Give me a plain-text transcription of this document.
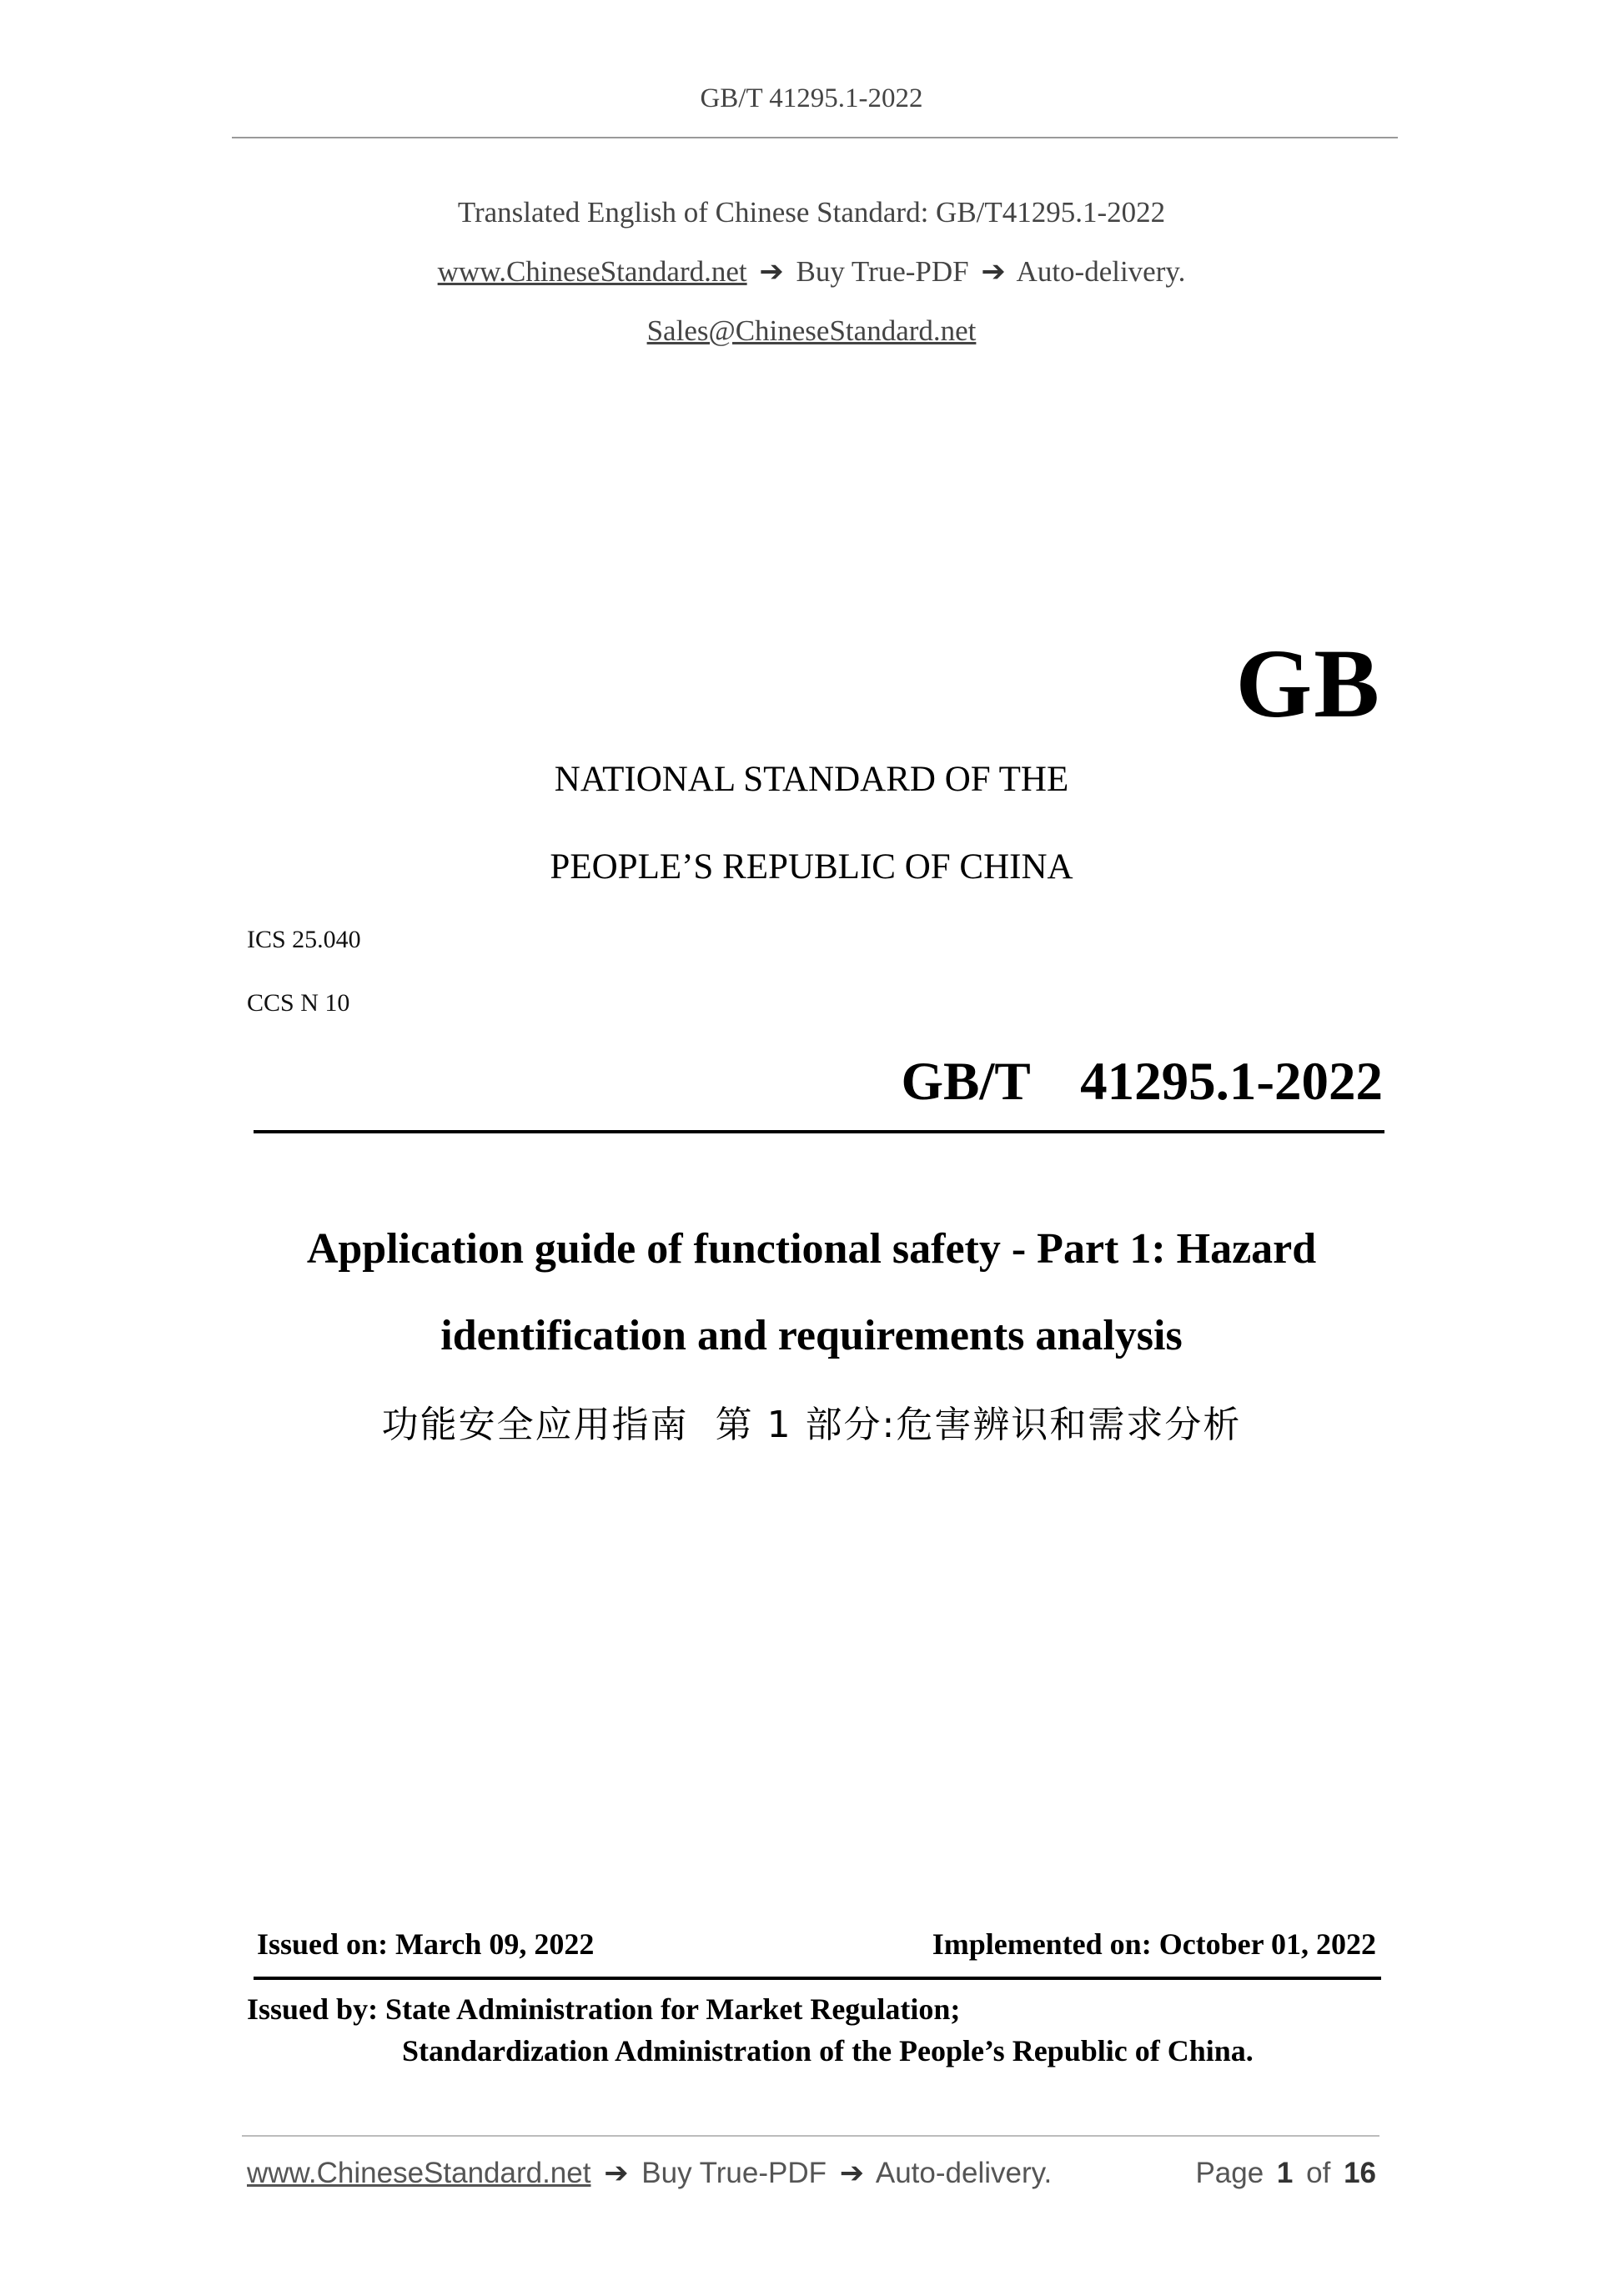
GB/T 41295.1-2022
Translated English of Chinese Standard: GB/T41295.1-2022
www.ChineseStandard.net ➔ Buy True-PDF ➔ Auto-delivery.
Sales@ChineseStandard.net
GB
NATIONAL STANDARD OF THE
PEOPLE’S REPUBLIC OF CHINA
ICS 25.040
CCS N 10
GB/T  41295.1-2022
Application guide of functional safety - Part 1: Hazard
identification and requirements analysis
功能安全应用指南  第 1 部分:危害辨识和需求分析
Issued on: March 09, 2022	Implemented on: October 01, 2022
Issued by: State Administration for Market Regulation;
Standardization Administration of the People’s Republic of China.
www.ChineseStandard.net ➔ Buy True-PDF ➔ Auto-delivery.	Page 1 of 16
